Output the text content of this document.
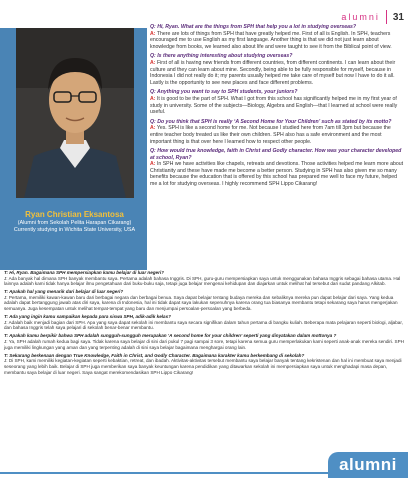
alumni 31
Ryan Christian Eksantosa
(Alumni from Sekolah Pelita Harapan Cikarang)
Currently studying in Wichita State University, USA
Q: Hi, Ryan. What are the things from SPH that help you a lot in studying overseas?
A: There are lots of things from SPH that have greatly helped me. First of all is English. In SPH, teachers encouraged me to use English as my first language. Another thing is that we did not just learn about knowledge from books, we learned also about life and were taught to see it from the Biblical point of view.
Q: Is there anything interesting about studying overseas?
A: First of all is having new friends from different countries, from different continents. I can learn about their culture and they can learn about mine. Secondly, being able to be fully responsible for myself, because in Indonesia I did not really do it; my parents usually helped me take care of myself but now I have to do it all. Lastly is the opportunity to see new places and face different problems.
Q: Anything you want to say to SPH students, your juniors?
A: It is good to be the part of SPH. What I got from this school has significantly helped me in my first year of study in university. Some of the subjects—Biology, Algebra and English—that I learned at school were really useful.
Q: Do you think that SPH is really ‘A Second Home for Your Children’ such as stated by its motto?
A: Yes. SPH is like a second home for me. Not because I studied here from 7am till 3pm but because the entire teacher body treated us like their own children. SPH also has a safe environment and the most important thing is that over here I learned how to respect other people.
Q: How would true knowledge, faith in Christ and Godly character. How was your character developed at school, Ryan?
A: In SPH we have activities like chapels, retreats and devotions. Those activities helped me learn more about Christianity and these have made me become a better person. Studying in SPH has also given me so many benefits because the education that is offered by this school has prepared me well to face my future, helped me a lot for studying overseas. I highly recommend SPH Lippo Cikarang!
T: Hi, Ryan. Bagaimana SPH mempersiapkan kamu belajar di luar negeri?
J: Ada banyak hal dimana SPH banyak membantu saya. Pertama adalah bahasa Inggris. Di SPH, guru-guru mempersiapkan saya untuk menggunakan bahasa Inggris sebagai bahasa utama. Hal lainnya adalah kami tidak hanya belajar ilmu pengetahuan dari buku-buku saja, tetapi juga belajar mengenai kehidupan dan diajarkan untuk melihat hal tersebut dari sudut pandang Alkitab.
T: Apakah hal yang menarik dari belajar di luar negeri?
J: Pertama, memiliki kawan-kawan baru dari berbagai negara dan berbagai benua. Saya dapat belajar tentang budaya mereka dan sebaliknya mereka pun dapat belajar dari saya. Yang kedua adalah dapat bertanggung jawab atas diri saya, karena di Indonesia, hal ini tidak dapat saya lakukan sepenuhnya karena orang tua biasanya membantu tetapi sekarang saya harus mengerjakan semuanya. Juga kesempatan untuk melihat tempat-tempat yang baru dan menjumpai persoalan-persoalan yang berbeda.
T: Ada yang ingin kamu sampaikan kepada para siswa SPH, adik-adik kelas?
J: Adalah baik menjadi bagian dari SPH. Apa yang saya dapat sekolah ini membantu saya secara signifikan dalam tahun pertama di bangku kuliah. Beberapa mata pelajaran seperti biologi, aljabar, dan bahasa Inggris telah saya pelajari di sekolah benar-benar membantu.
T: Apakah kamu berpikir bahwa SPH adalah sungguh-sungguh merupakan ‘A second home for your children’ seperti yang dinyatakan dalam mottonya ?
J: Ya, SPH adalah rumah kedua bagi saya. Tidak karena saya belajar di sini dari pukul 7 pagi sampai 3 sore, tetapi karena semua guru memperlakukan kami seperti anak-anak mereka sendiri. SPH juga memiliki lingkungan yang aman dan yang terpenting adalah di sini saya belajar bagaimana menghargai orang lain.
T: Sekarang berkenaan dengan True Knowledge, Faith in Christ, and Godly Character. Bagaimana karakter kamu berkembang di sekolah?
J: Di SPH, kami memiliki kegiatan-kegiatan seperti kebaktian, retreat, dan ibadah. Aktivitas-aktivitas tersebut membantu saya belajar banyak tentang kekristenan dan hal ini membuat saya menjadi seseorang yang lebih baik. Belajar di SPH juga memberikan saya banyak keuntungan karena pendidikan yang ditawarkan sekolah ini mempersiapkan saya untuk menghadapi masa depan, membantu saya belajar di luar negeri. Saya sangat merekomendasikan SPH Lippo Cikarang!
alumni
